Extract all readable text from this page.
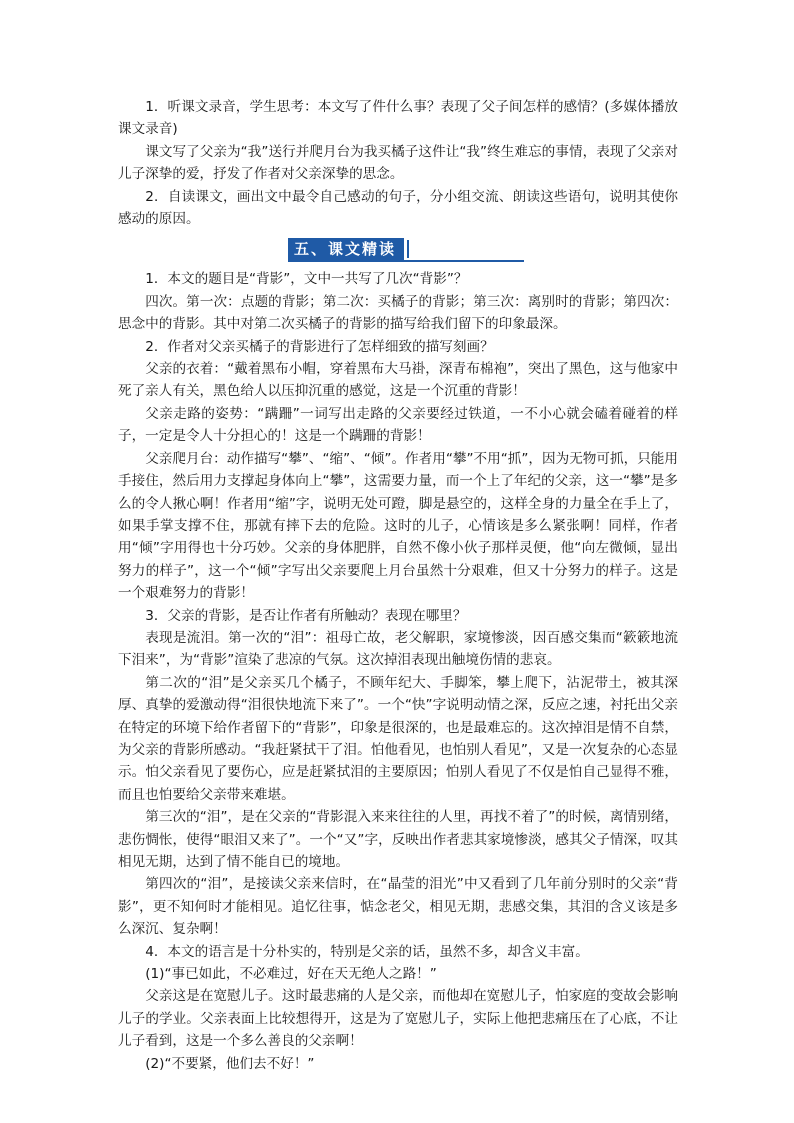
1．听课文录音，学生思考：本文写了件什么事？表现了父子间怎样的感情？(多媒体播放课文录音)

课文写了父亲为“我”送行并爬月台为我买橘子这件让“我”终生难忘的事情，表现了父亲对儿子深挚的爱，抒发了作者对父亲深挚的思念。

2．自读课文，画出文中最令自己感动的句子，分小组交流、朗读这些语句，说明其使你感动的原因。

五、课文精读

1．本文的题目是“背影”，文中一共写了几次“背影”？

四次。第一次：点题的背影；第二次：买橘子的背影；第三次：离别时的背影；第四次：思念中的背影。其中对第二次买橘子的背影的描写给我们留下的印象最深。

2．作者对父亲买橘子的背影进行了怎样细致的描写刻画？

父亲的衣着：“戴着黑布小帽，穿着黑布大马褂，深青布棉袍”，突出了黑色，这与他家中死了亲人有关，黑色给人以压抑沉重的感觉，这是一个沉重的背影！

父亲走路的姿势：“蹒跚”一词写出走路的父亲要经过铁道，一不小心就会磕着碰着的样子，一定是令人十分担心的！这是一个蹒跚的背影！

父亲爬月台：动作描写“攀”、“缩”、“倾”。作者用“攀”不用“抓”，因为无物可抓，只能用手接住，然后用力支撑起身体向上“攀”，这需要力量，而一个上了年纪的父亲，这一“攀”是多么的令人揪心啊！作者用“缩”字，说明无处可蹬，脚是悬空的，这样全身的力量全在手上了，如果手掌支撑不住，那就有摔下去的危险。这时的儿子，心情该是多么紧张啊！同样，作者用“倾”字用得也十分巧妙。父亲的身体肥胖，自然不像小伙子那样灵便，他“向左微倾，显出努力的样子”，这一个“倾”字写出父亲要爬上月台虽然十分艰难，但又十分努力的样子。这是一个艰难努力的背影！

3．父亲的背影，是否让作者有所触动？表现在哪里？

表现是流泪。第一次的“泪”：祖母亡故，老父解职，家境惨淡，因百感交集而“簌簌地流下泪来”，为“背影”渲染了悲凉的气氛。这次掉泪表现出触境伤情的悲哀。

第二次的“泪”是父亲买几个橘子，不顾年纪大、手脚笨，攀上爬下，沾泥带土，被其深厚、真挚的爱激动得“泪很快地流下来了”。一个“快”字说明动情之深，反应之速，衬托出父亲在特定的环境下给作者留下的“背影”，印象是很深的，也是最难忘的。这次掉泪是情不自禁，为父亲的背影所感动。“我赶紧拭干了泪。怕他看见，也怕别人看见”，又是一次复杂的心态显示。怕父亲看见了要伤心，应是赶紧拭泪的主要原因；怕别人看见了不仅是怕自己显得不雅，而且也怕要给父亲带来难堪。

第三次的“泪”，是在父亲的“背影混入来来往往的人里，再找不着了”的时候，离情别绪，悲伤惆怅，使得“眼泪又来了”。一个“又”字，反映出作者悲其家境惨淡，感其父子情深，叹其相见无期，达到了情不能自已的境地。

第四次的“泪”，是接读父亲来信时，在“晶莹的泪光”中又看到了几年前分别时的父亲“背影”，更不知何时才能相见。追忆往事，惦念老父，相见无期，悲感交集，其泪的含义该是多么深沉、复杂啊！

4．本文的语言是十分朴实的，特别是父亲的话，虽然不多，却含义丰富。

(1)“事已如此，不必难过，好在天无绝人之路！”

父亲这是在宽慰儿子。这时最悲痛的人是父亲，而他却在宽慰儿子，怕家庭的变故会影响儿子的学业。父亲表面上比较想得开，这是为了宽慰儿子，实际上他把悲痛压在了心底，不让儿子看到，这是一个多么善良的父亲啊！

(2)“不要紧，他们去不好！”
